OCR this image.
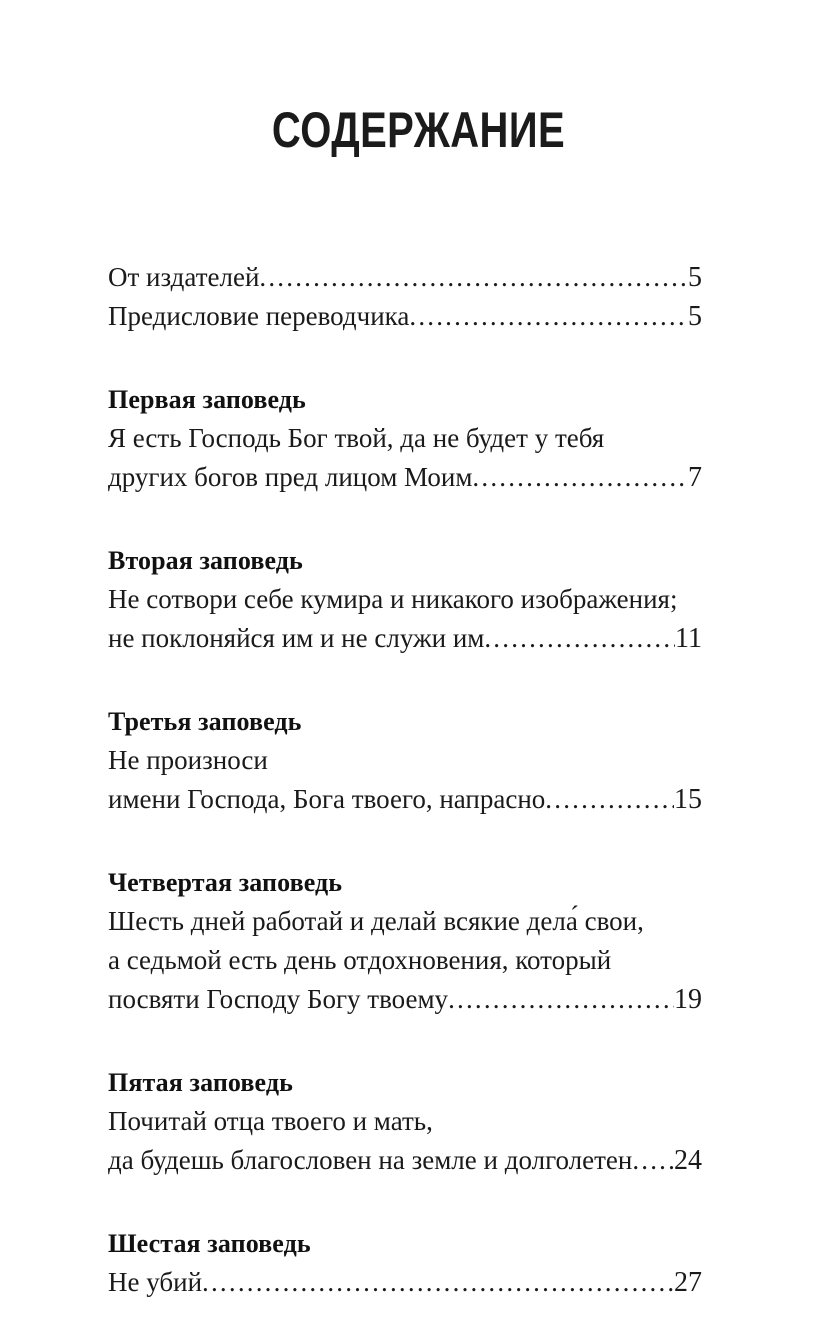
СОДЕРЖАНИЕ
От издателей .....	5
Предисловие переводчика .....	5
Первая заповедь
Я есть Господь Бог твой, да не будет у тебя
других богов пред лицом Моим .....	7
Вторая заповедь
Не сотвори себе кумира и никакого изображения;
не поклоняйся им и не служи им .....	11
Третья заповедь
Не произноси
имени Господа, Бога твоего, напрасно .....	15
Четвертая заповедь
Шесть дней работай и делай всякие дела́ свои,
а седьмой есть день отдохновения, который
посвяти Господу Богу твоему .....	19
Пятая заповедь
Почитай отца твоего и мать,
да будешь благословен на земле и долголетен ..... 24
Шестая заповедь
Не убий .....	27
